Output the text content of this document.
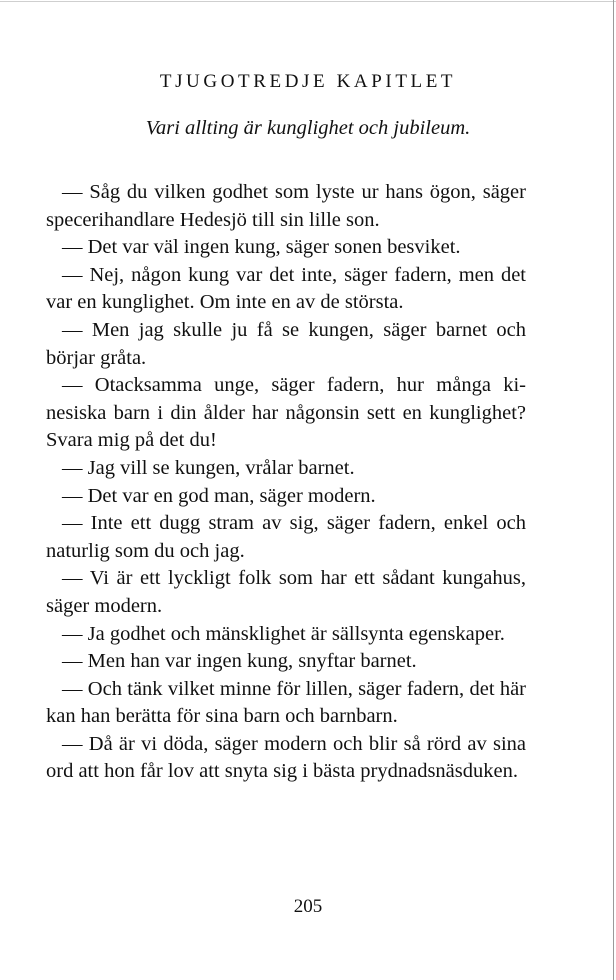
TJUGOTREDJE KAPITLET
Vari allting är kunglighet och jubileum.

— Såg du vilken godhet som lyste ur hans ögon, säger specerihandlare Hedesjö till sin lille son.

— Det var väl ingen kung, säger sonen besviket.

— Nej, någon kung var det inte, säger fadern, men det var en kunglighet. Om inte en av de största.

— Men jag skulle ju få se kungen, säger barnet och börjar gråta.

— Otacksamma unge, säger fadern, hur många kinesiska barn i din ålder har någonsin sett en kunglighet? Svara mig på det du!

— Jag vill se kungen, vrålar barnet.

— Det var en god man, säger modern.

— Inte ett dugg stram av sig, säger fadern, enkel och naturlig som du och jag.

— Vi är ett lyckligt folk som har ett sådant kungahus, säger modern.

— Ja godhet och mänsklighet är sällsynta egenskaper.

— Men han var ingen kung, snyftar barnet.

— Och tänk vilket minne för lillen, säger fadern, det här kan han berätta för sina barn och barnbarn.

— Då är vi döda, säger modern och blir så rörd av sina ord att hon får lov att snyta sig i bästa prydnadsnäsduken.

205
